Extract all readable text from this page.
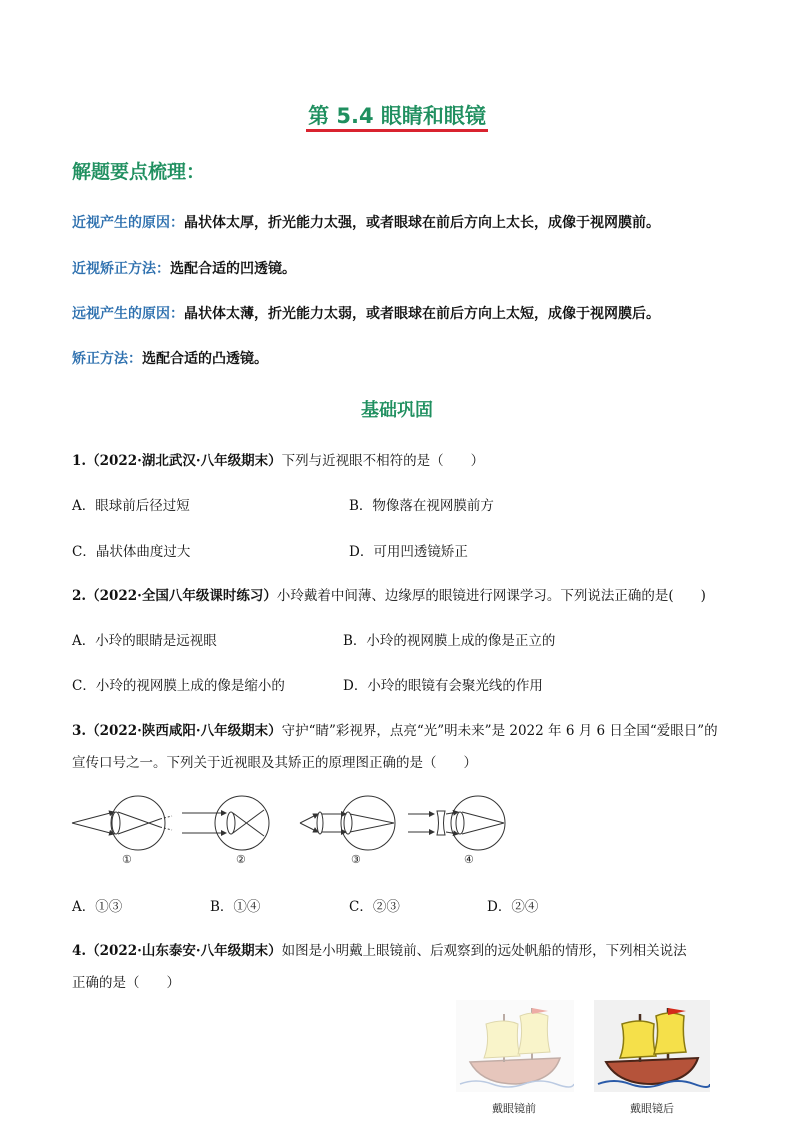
第 5.4 眼睛和眼镜
解题要点梳理：
近视产生的原因：晶状体太厚，折光能力太强，或者眼球在前后方向上太长，成像于视网膜前。
近视矫正方法：选配合适的凹透镜。
远视产生的原因：晶状体太薄，折光能力太弱，或者眼球在前后方向上太短，成像于视网膜后。
矫正方法：选配合适的凸透镜。
基础巩固
1.（2022·湖北武汉·八年级期末）下列与近视眼不相符的是（　　）
A．眼球前后径过短	B．物像落在视网膜前方
C．晶状体曲度过大	D．可用凹透镜矫正
2.（2022·全国八年级课时练习）小玲戴着中间薄、边缘厚的眼镜进行网课学习。下列说法正确的是(　　)
A．小玲的眼睛是远视眼	B．小玲的视网膜上成的像是正立的
C．小玲的视网膜上成的像是缩小的	D．小玲的眼镜有会聚光线的作用
3.（2022·陕西咸阳·八年级期末）守护“睛”彩视界，点亮“光”明未来”是 2022 年 6 月 6 日全国“爱眼日”的
宣传口号之一。下列关于近视眼及其矫正的原理图正确的是（　　）
①	②	③	④
A．①③	B．①④	C．②③	D．②④
4.（2022·山东泰安·八年级期末）如图是小明戴上眼镜前、后观察到的远处帆船的情形，下列相关说法
正确的是（　　）
戴眼镜前	戴眼镜后
